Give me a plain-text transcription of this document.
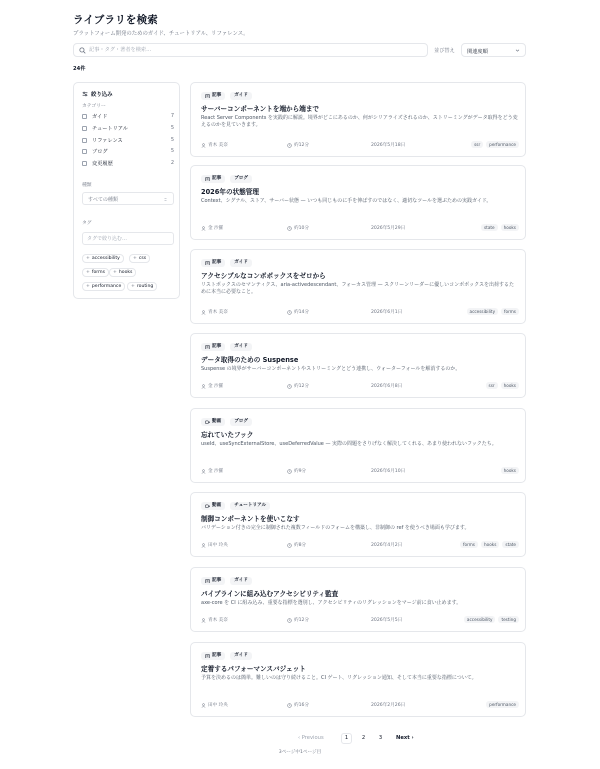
ライブラリを検索
プラットフォーム開発のためのガイド、チュートリアル、リファレンス。
記事・タグ・著者を検索…
並び替え 関連度順
24件
絞り込み
カテゴリー
ガイド	7
チュートリアル	5
リファレンス	5
ブログ	5
変更履歴	2
種類
すべての種類
タグ
タグで絞り込む…
+ accessibility	+ css
+ forms	+ hooks
+ performance	+ routing
記事	ガイド
サーバーコンポーネントを端から端まで
React Server Components を実践的に解説。境界がどこにあるのか、何がシリアライズされるのか、ストリーミングがデータ取得をどう変えるのかを見ていきます。
青木 美奈	約12分	2026年5月18日	ssr	performance
記事	ブログ
2026年の状態管理
Context、シグナル、ストア、サーバー状態 — いつも同じものに手を伸ばすのではなく、適切なツールを選ぶための実践ガイド。
金 沙羅	約10分	2026年5月29日	state	hooks
記事	ガイド
アクセシブルなコンボボックスをゼロから
リストボックスのセマンティクス、aria-activedescendant、フォーカス管理 — スクリーンリーダーに優しいコンボボックスを出荷するために本当に必要なこと。
青木 美奈	約14分	2026年6月1日	accessibility	forms
記事	ガイド
データ取得のための Suspense
Suspense の境界がサーバーコンポーネントやストリーミングとどう連携し、ウォーターフォールを解消するのか。
金 沙羅	約12分	2026年6月8日	ssr	hooks
動画	ブログ
忘れていたフック
useId、useSyncExternalStore、useDeferredValue — 実際の問題をさりげなく解決してくれる、あまり使われないフックたち。
金 沙羅	約9分	2026年6月10日	hooks
動画	チュートリアル
制御コンポーネントを使いこなす
バリデーション付きの完全に制御された複数フィールドのフォームを構築し、非制御の ref を使うべき場面も学びます。
田中 玲央	約8分	2026年4月2日	forms	hooks	state
記事	ガイド
パイプラインに組み込むアクセシビリティ監査
axe-core を CI に組み込み、重要な指標を選別し、アクセシビリティのリグレッションをマージ前に食い止めます。
青木 美奈	約12分	2026年5月5日	accessibility	testing
記事	ガイド
定着するパフォーマンスバジェット
予算を決めるのは簡単。難しいのは守り続けること。CI ゲート、リグレッション通知、そして本当に重要な指標について。
田中 玲央	約16分	2026年2月26日	performance
‹ Previous	1	2	3	Next ›
3ページ中1ページ目
